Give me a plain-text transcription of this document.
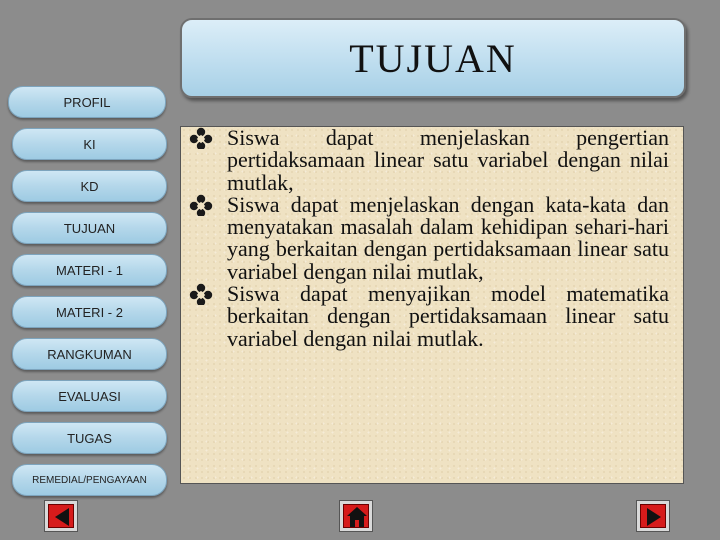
PROFIL
KI
KD
TUJUAN
MATERI - 1
MATERI - 2
RANGKUMAN
EVALUASI
TUGAS
REMEDIAL/PENGAYAAN
TUJUAN
Siswa dapat menjelaskan pengertian pertidaksamaan linear satu variabel dengan nilai mutlak,
Siswa dapat menjelaskan dengan kata-kata dan menyatakan masalah dalam kehidipan sehari-hari yang berkaitan dengan pertidaksamaan linear satu variabel dengan nilai mutlak,
Siswa dapat menyajikan model matematika berkaitan dengan pertidaksamaan linear satu variabel dengan nilai mutlak.
